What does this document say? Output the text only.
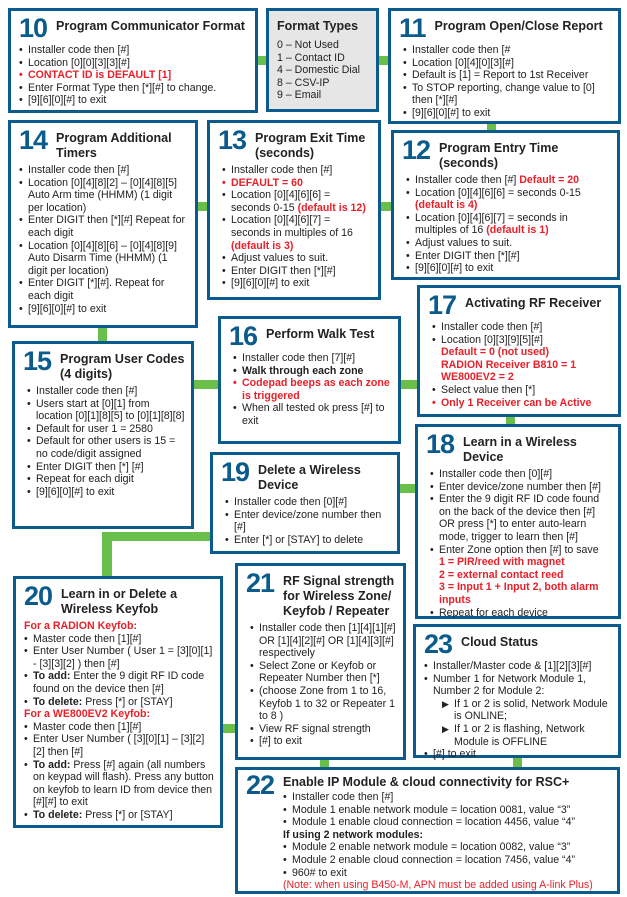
Format Types
0 – Not Used
1 – Contact ID
4 – Domestic Dial
8 – CSV-IP
9 – Email
10 Program Communicator Format
• Installer code then [#]
• Location [0][0][3][3][#]
• CONTACT ID is DEFAULT [1]
• Enter Format Type then [*][#] to change.
• [9][6][0][#] to exit
11 Program Open/Close Report
• Installer code then [#
• Location [0][4][0][3][#]
• Default is [1] = Report to 1st Receiver
• To STOP reporting, change value to [0] then [*][#]
• [9][6][0][#] to exit
14 Program Additional Timers
• Installer code then [#]
• Location [0][4][8][2] – [0][4][8][5] Auto Arm time (HHMM) (1 digit per location)
• Enter DIGIT then [*][#] Repeat for each digit
• Location [0][4][8][6] – [0][4][8][9] Auto Disarm Time (HHMM) (1 digit per location)
• Enter DIGIT [*][#]. Repeat for each digit
• [9][6][0][#] to exit
13 Program Exit Time (seconds)
• Installer code then [#]
• DEFAULT = 60
• Location [0][4][6][6] = seconds 0-15 (default is 12)
• Location [0][4][6][7] = seconds in multiples of 16 (default is 3)
• Adjust values to suit.
• Enter DIGIT then [*][#]
• [9][6][0][#] to exit
12 Program Entry Time (seconds)
• Installer code then [#] Default = 20
• Location [0][4][6][6] = seconds 0-15 (default is 4)
• Location [0][4][6][7] = seconds in multiples of 16 (default is 1)
• Adjust values to suit.
• Enter DIGIT then [*][#]
• [9][6][0][#] to exit
16 Perform Walk Test
• Installer code then [7][#]
• Walk through each zone
• Codepad beeps as each zone is triggered
• When all tested ok press [#] to exit
17 Activating RF Receiver
• Installer code then [#]
• Location [0][3][9][5][#]
Default = 0 (not used)
RADION Receiver B810 = 1
WE800EV2 = 2
• Select value then [*]
• Only 1 Receiver can be Active
15 Program User Codes (4 digits)
• Installer code then [#]
• Users start at [0][1] from location [0][1][8][5] to [0][1][8][8]
• Default for user 1 = 2580
• Default for other users is 15 = no code/digit assigned
• Enter DIGIT then [*] [#]
• Repeat for each digit
• [9][6][0][#] to exit
19 Delete a Wireless Device
• Installer code then [0][#]
• Enter device/zone number then [#]
• Enter [*] or [STAY] to delete
18 Learn in a Wireless Device
• Installer code then [0][#]
• Enter device/zone number then [#]
• Enter the 9 digit RF ID code found on the back of the device then [#] OR press [*] to enter auto-learn mode, trigger to learn then [#]
• Enter Zone option then [#] to save
1 = PIR/reed with magnet
2 = external contact reed
3 = Input 1 + Input 2, both alarm inputs
• Repeat for each device
20 Learn in or Delete a Wireless Keyfob
For a RADION Keyfob:
• Master code then [1][#]
• Enter User Number ( User 1 = [3][0][1] - [3][3][2] ) then [#]
• To add: Enter the 9 digit RF ID code found on the device then [#]
• To delete: Press [*] or [STAY]
For a WE800EV2 Keyfob:
• Master code then [1][#]
• Enter User Number ( [3][0][1] – [3][2][2] then [#]
• To add: Press [#] again (all numbers on keypad will flash). Press any button on keyfob to learn ID from device then [#][#] to exit
• To delete: Press [*] or [STAY]
21 RF Signal strength for Wireless Zone/ Keyfob / Repeater
• Installer code then [1][4][1][#] OR [1][4][2][#] OR [1][4][3][#] respectively
• Select Zone or Keyfob or Repeater Number then [*]
• (choose Zone from 1 to 16, Keyfob 1 to 32 or Repeater 1 to 8 )
• View RF signal strength
• [#] to exit
23 Cloud Status
• Installer/Master code & [1][2][3][#]
• Number 1 for Network Module 1, Number 2 for Module 2:
▶ If 1 or 2 is solid, Network Module is ONLINE;
▶ If 1 or 2 is flashing, Network Module is OFFLINE
• [#] to exit
22 Enable IP Module & cloud connectivity for RSC+
• Installer code then [#]
• Module 1 enable network module = location 0081, value “3”
• Module 1 enable cloud connection = location 4456, value “4”
If using 2 network modules:
• Module 2 enable network module = location 0082, value “3”
• Module 2 enable cloud connection = location 7456, value “4”
• 960# to exit
(Note: when using B450-M, APN must be added using A-link Plus)
